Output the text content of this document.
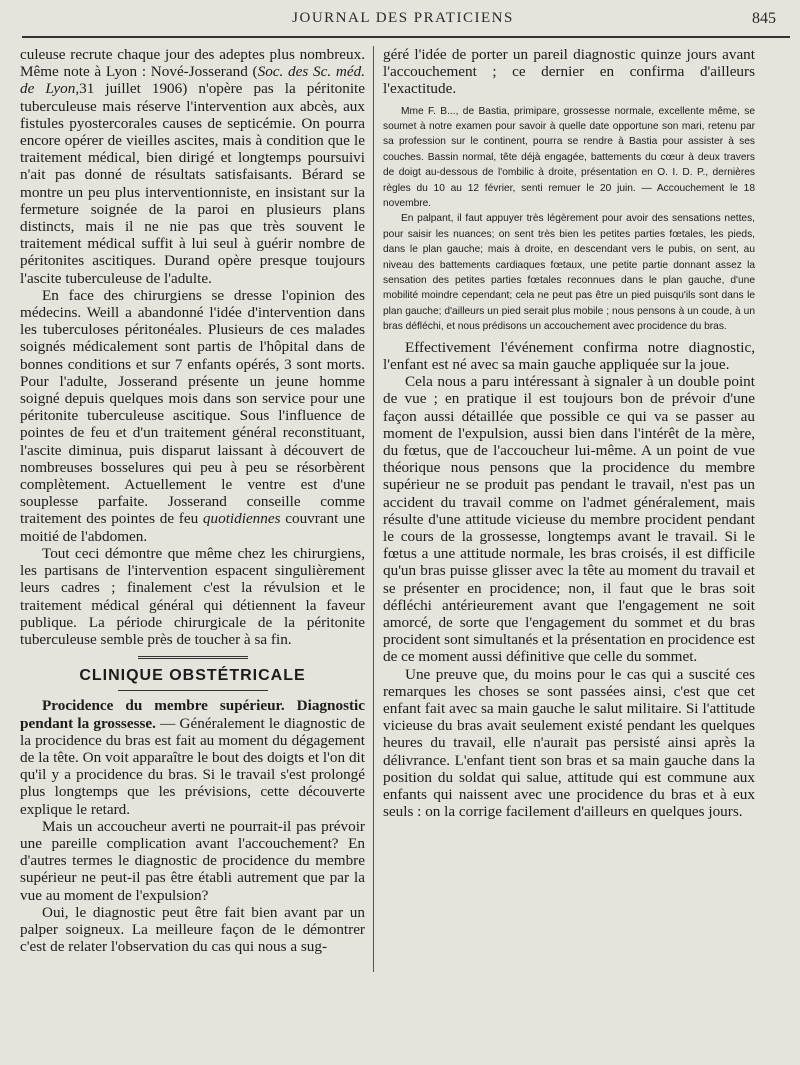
JOURNAL DES PRATICIENS	845

culeuse recrute chaque jour des adeptes plus nombreux. Même note à Lyon : Nové-Josserand (Soc. des Sc. méd. de Lyon,31 juillet 1906) n'opère pas la péritonite tuberculeuse mais réserve l'intervention aux abcès, aux fistules pyostercorales causes de septicémie. On pourra encore opérer de vieilles ascites, mais à condition que le traitement médical, bien dirigé et longtemps poursuivi n'ait pas donné de résultats satisfaisants. Bérard se montre un peu plus interventionniste, en insistant sur la fermeture soignée de la paroi en plusieurs plans distincts, mais il ne nie pas que très souvent le traitement médical suffit à lui seul à guérir nombre de péritonites ascitiques. Durand opère presque toujours l'ascite tuberculeuse de l'adulte.

En face des chirurgiens se dresse l'opinion des médecins. Weill a abandonné l'idée d'intervention dans les tuberculoses péritonéales. Plusieurs de ces malades soignés médicalement sont partis de l'hôpital dans de bonnes conditions et sur 7 enfants opérés, 3 sont morts. Pour l'adulte, Josserand présente un jeune homme soigné depuis quelques mois dans son service pour une péritonite tuberculeuse ascitique. Sous l'influence de pointes de feu et d'un traitement général reconstituant, l'ascite diminua, puis disparut laissant à découvert de nombreuses bosselures qui peu à peu se résorbèrent complètement. Actuellement le ventre est d'une souplesse parfaite. Josserand conseille comme traitement des pointes de feu quotidiennes couvrant une moitié de l'abdomen.

Tout ceci démontre que même chez les chirurgiens, les partisans de l'intervention espacent singulièrement leurs cadres ; finalement c'est la révulsion et le traitement médical général qui détiennent la faveur publique. La période chirurgicale de la péritonite tuberculeuse semble près de toucher à sa fin.

CLINIQUE OBSTÉTRICALE

Procidence du membre supérieur. Diagnostic pendant la grossesse. — Généralement le diagnostic de la procidence du bras est fait au moment du dégagement de la tête. On voit apparaître le bout des doigts et l'on dit qu'il y a procidence du bras. Si le travail s'est prolongé plus longtemps que les prévisions, cette découverte explique le retard.

Mais un accoucheur averti ne pourrait-il pas prévoir une pareille complication avant l'accouchement? En d'autres termes le diagnostic de procidence du membre supérieur ne peut-il pas être établi autrement que par la vue au moment de l'expulsion?

Oui, le diagnostic peut être fait bien avant par un palper soigneux. La meilleure façon de le démontrer c'est de relater l'observation du cas qui nous a sug-

géré l'idée de porter un pareil diagnostic quinze jours avant l'accouchement ; ce dernier en confirma d'ailleurs l'exactitude.

Mme F. B..., de Bastia, primipare, grossesse normale, excellente même, se soumet à notre examen pour savoir à quelle date opportune son mari, retenu par sa profession sur le continent, pourra se rendre à Bastia pour assister à ses couches. Bassin normal, tête déjà engagée, battements du cœur à deux travers de doigt au-dessous de l'ombilic à droite, présentation en O. I. D. P., dernières règles du 10 au 12 février, senti remuer le 20 juin. — Accouchement le 18 novembre.

En palpant, il faut appuyer très légèrement pour avoir des sensations nettes, pour saisir les nuances; on sent très bien les petites parties fœtales, les pieds, dans le plan gauche; mais à droite, en descendant vers le pubis, on sent, au niveau des battements cardiaques fœtaux, une petite partie donnant assez la sensation des petites parties fœtales reconnues dans le plan gauche, d'une mobilité moindre cependant; cela ne peut pas être un pied puisqu'ils sont dans le plan gauche; d'ailleurs un pied serait plus mobile ; nous pensons à un coude, à un bras défléchi, et nous prédisons un accouchement avec procidence du bras.

Effectivement l'événement confirma notre diagnostic, l'enfant est né avec sa main gauche appliquée sur la joue.

Cela nous a paru intéressant à signaler à un double point de vue ; en pratique il est toujours bon de prévoir d'une façon aussi détaillée que possible ce qui va se passer au moment de l'expulsion, aussi bien dans l'intérêt de la mère, du fœtus, que de l'accoucheur lui-même. A un point de vue théorique nous pensons que la procidence du membre supérieur ne se produit pas pendant le travail, n'est pas un accident du travail comme on l'admet généralement, mais résulte d'une attitude vicieuse du membre procident pendant le cours de la grossesse, longtemps avant le travail. Si le fœtus a une attitude normale, les bras croisés, il est difficile qu'un bras puisse glisser avec la tête au moment du travail et se présenter en procidence; non, il faut que le bras soit défléchi antérieurement avant que l'engagement ne soit amorcé, de sorte que l'engagement du sommet et du bras procident sont simultanés et la présentation en procidence est de ce moment aussi définitive que celle du sommet.

Une preuve que, du moins pour le cas qui a suscité ces remarques les choses se sont passées ainsi, c'est que cet enfant fait avec sa main gauche le salut militaire. Si l'attitude vicieuse du bras avait seulement existé pendant les quelques heures du travail, elle n'aurait pas persisté ainsi après la délivrance. L'enfant tient son bras et sa main gauche dans la position du soldat qui salue, attitude qui est commune aux enfants qui naissent avec une procidence du bras et à eux seuls : on la corrige facilement d'ailleurs en quelques jours.
